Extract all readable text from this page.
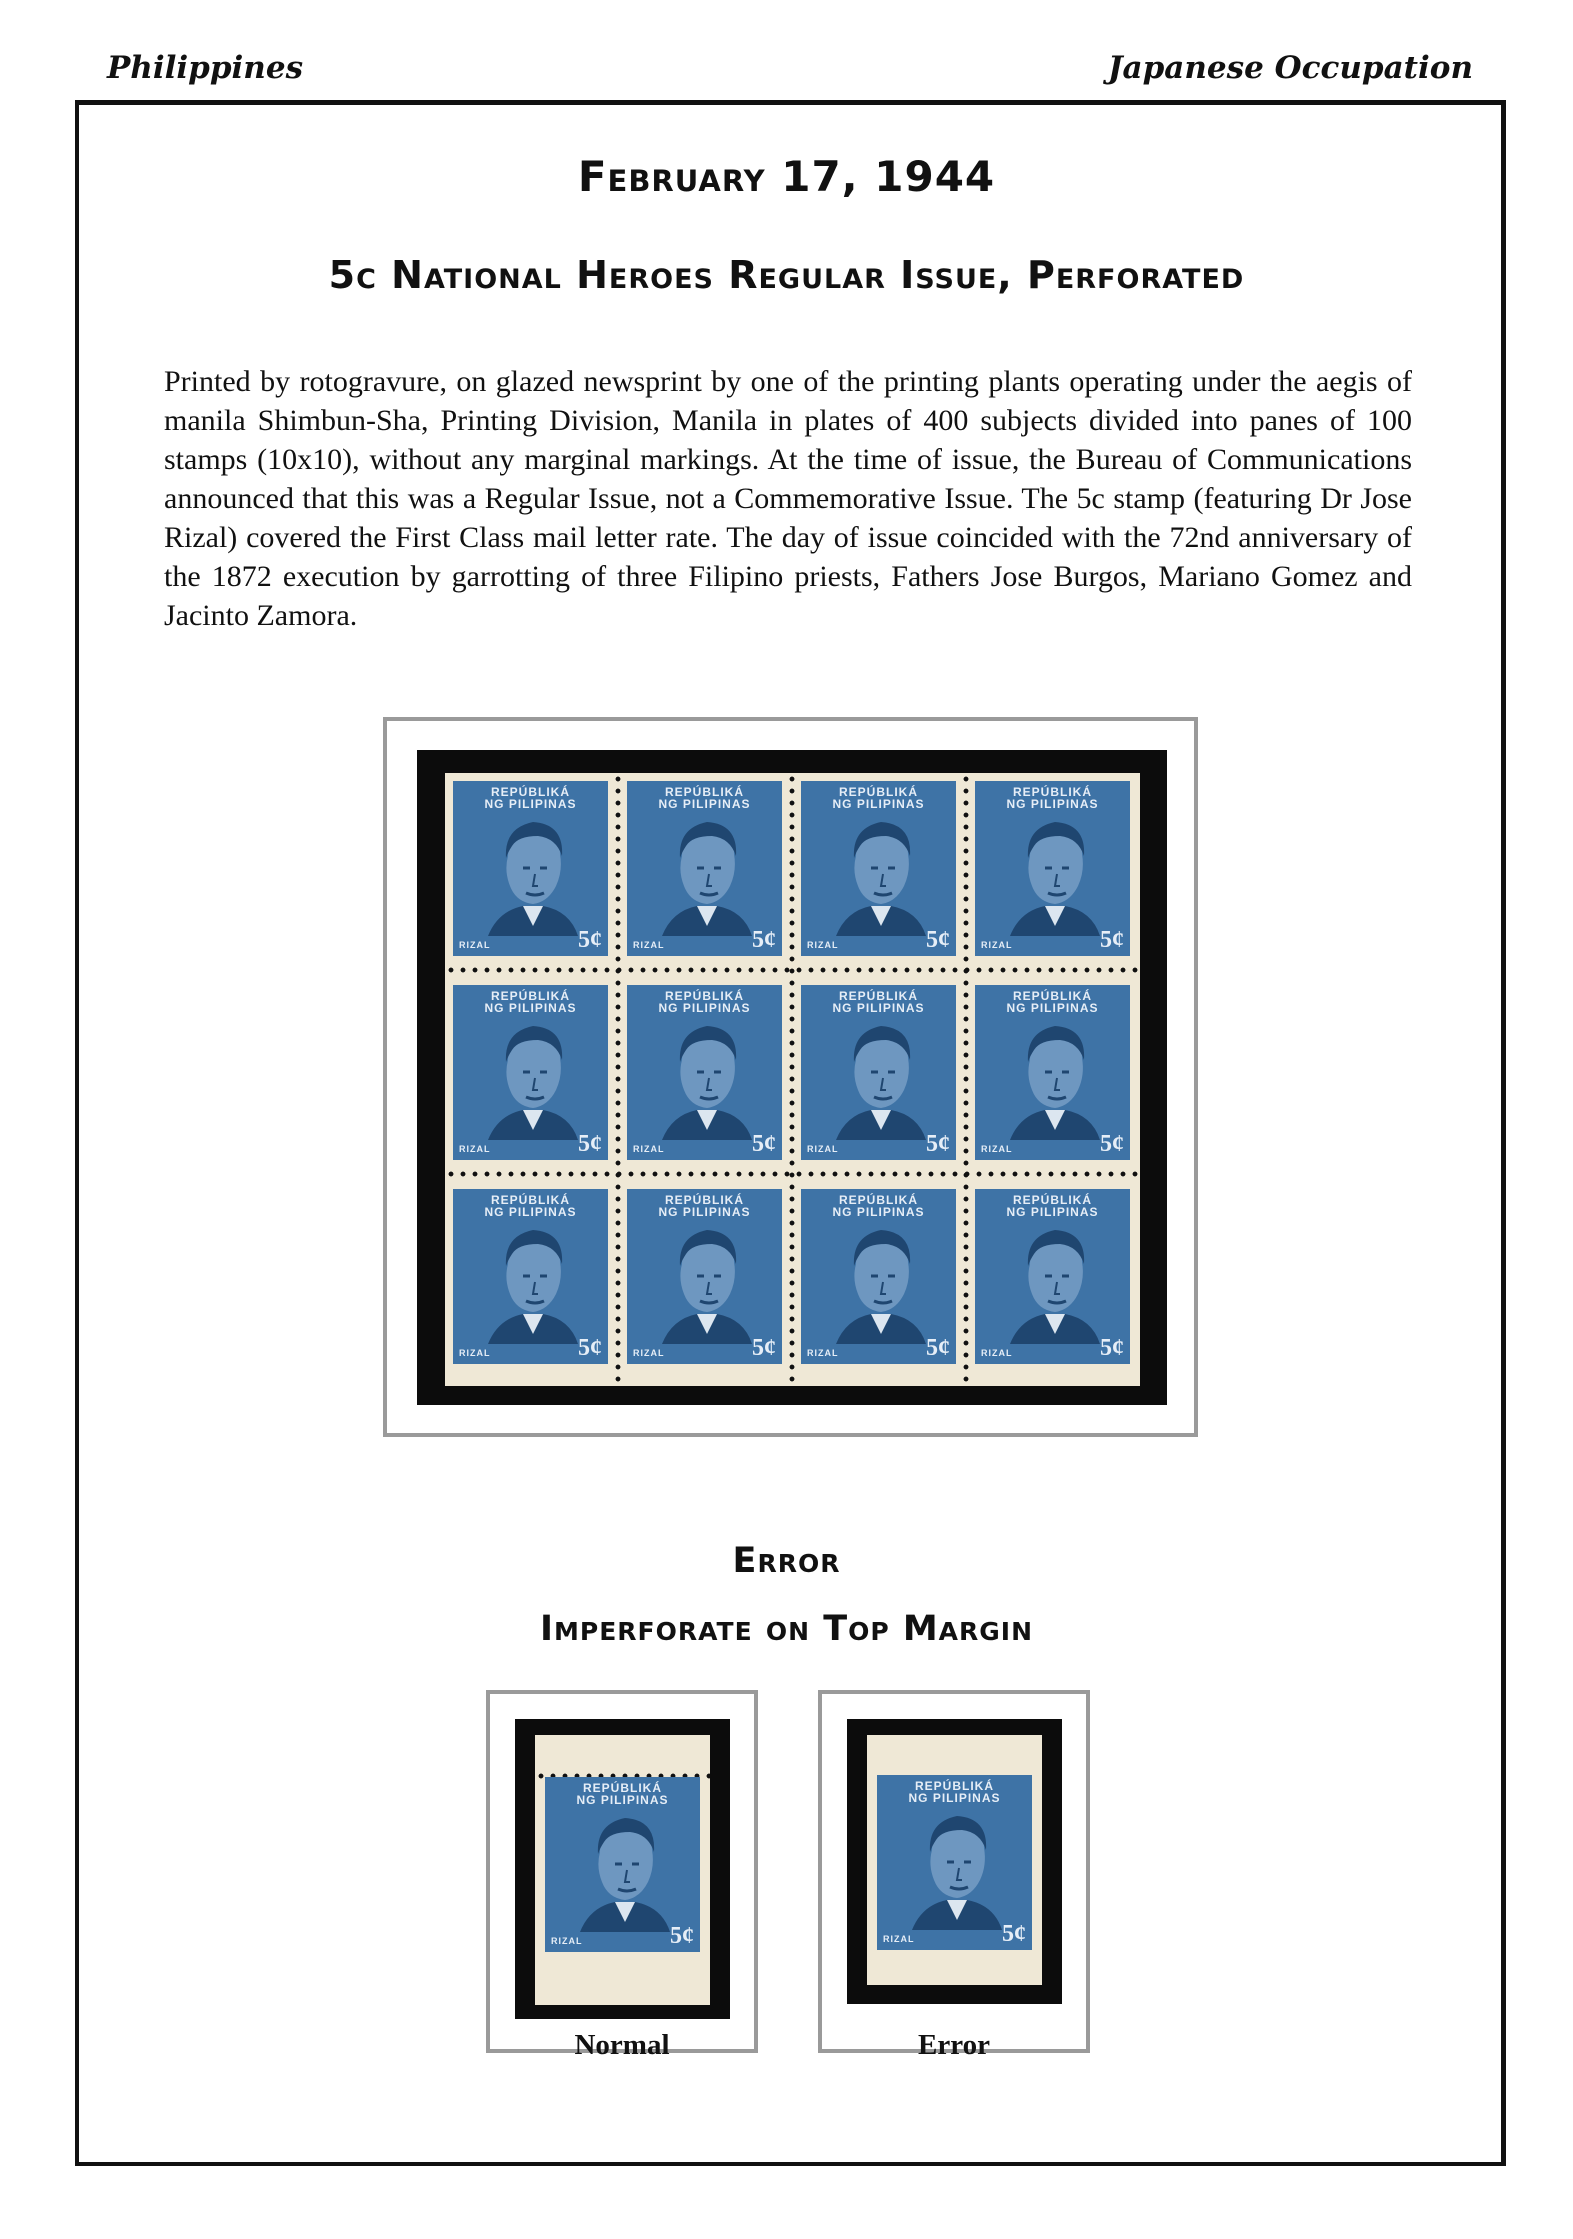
Philippines	Japanese Occupation
February 17, 1944
5c National Heroes Regular Issue, Perforated
Printed by rotogravure, on glazed newsprint by one of the printing plants operating under the aegis of manila Shimbun-Sha, Printing Division, Manila in plates of 400 subjects divided into panes of 100 stamps (10x10), without any marginal markings. At the time of issue, the Bureau of Communications announced that this was a Regular Issue, not a Commemorative Issue. The 5c stamp (featuring Dr Jose Rizal) covered the First Class mail letter rate. The day of issue coincided with the 72nd anniversary of the 1872 execution by garrotting of three Filipino priests, Fathers Jose Burgos, Mariano Gomez and Jacinto Zamora.
REPÚBLIKÁ
NG PILIPINAS
RIZAL	5¢
REPÚBLIKÁ
NG PILIPINAS
RIZAL	5¢
REPÚBLIKÁ
NG PILIPINAS
RIZAL	5¢
REPÚBLIKÁ
NG PILIPINAS
RIZAL	5¢
REPÚBLIKÁ
NG PILIPINAS
RIZAL	5¢
REPÚBLIKÁ
NG PILIPINAS
RIZAL	5¢
REPÚBLIKÁ
NG PILIPINAS
RIZAL	5¢
REPÚBLIKÁ
NG PILIPINAS
RIZAL	5¢
REPÚBLIKÁ
NG PILIPINAS
RIZAL	5¢
REPÚBLIKÁ
NG PILIPINAS
RIZAL	5¢
REPÚBLIKÁ
NG PILIPINAS
RIZAL	5¢
REPÚBLIKÁ
NG PILIPINAS
RIZAL	5¢
Error
Imperforate on Top Margin
REPÚBLIKÁ
NG PILIPINAS
RIZAL	5¢
Normal
REPÚBLIKÁ
NG PILIPINAS
RIZAL	5¢
Error
